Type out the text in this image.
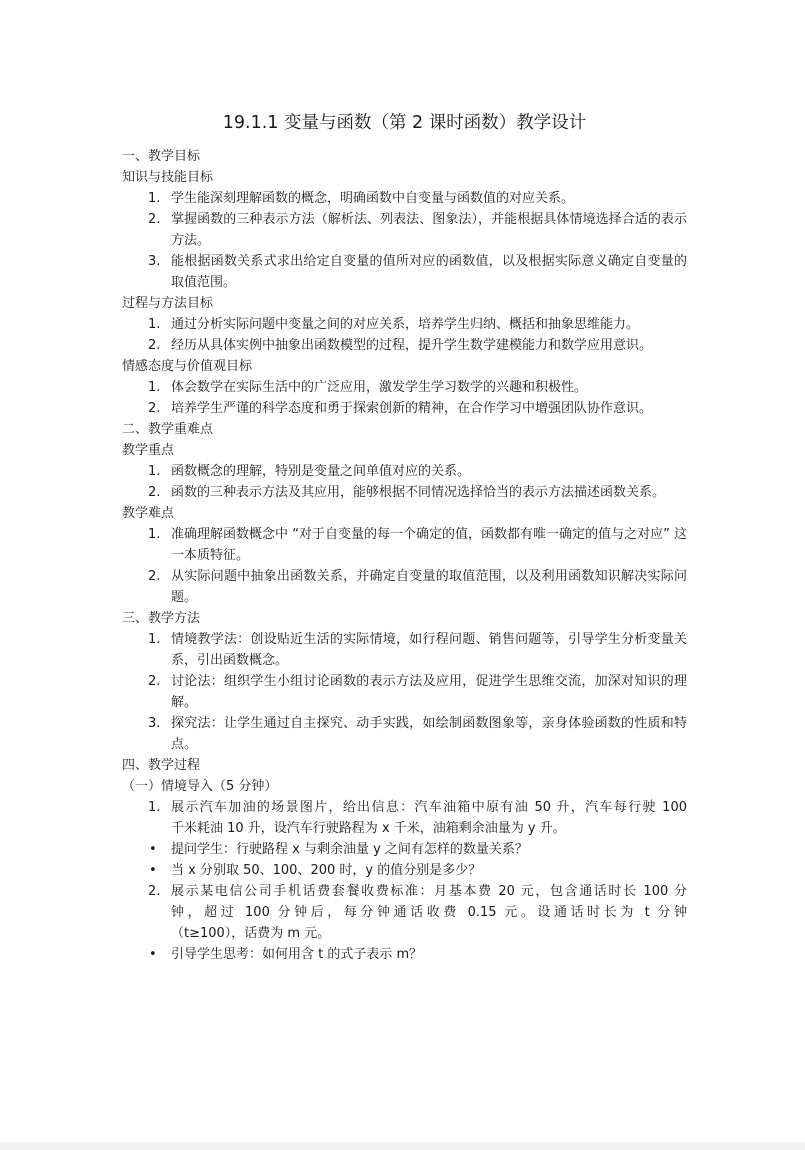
19.1.1 变量与函数（第 2 课时函数）教学设计
一、教学目标
知识与技能目标
1. 学生能深刻理解函数的概念，明确函数中自变量与函数值的对应关系。
2. 掌握函数的三种表示方法（解析法、列表法、图象法），并能根据具体情境选择合适的表示方法。
3. 能根据函数关系式求出给定自变量的值所对应的函数值，以及根据实际意义确定自变量的取值范围。
过程与方法目标
1. 通过分析实际问题中变量之间的对应关系，培养学生归纳、概括和抽象思维能力。
2. 经历从具体实例中抽象出函数模型的过程，提升学生数学建模能力和数学应用意识。
情感态度与价值观目标
1. 体会数学在实际生活中的广泛应用，激发学生学习数学的兴趣和积极性。
2. 培养学生严谨的科学态度和勇于探索创新的精神，在合作学习中增强团队协作意识。
二、教学重难点
教学重点
1. 函数概念的理解，特别是变量之间单值对应的关系。
2. 函数的三种表示方法及其应用，能够根据不同情况选择恰当的表示方法描述函数关系。
教学难点
1. 准确理解函数概念中 “对于自变量的每一个确定的值，函数都有唯一确定的值与之对应” 这一本质特征。
2. 从实际问题中抽象出函数关系，并确定自变量的取值范围，以及利用函数知识解决实际问题。
三、教学方法
1. 情境教学法：创设贴近生活的实际情境，如行程问题、销售问题等，引导学生分析变量关系，引出函数概念。
2. 讨论法：组织学生小组讨论函数的表示方法及应用，促进学生思维交流，加深对知识的理解。
3. 探究法：让学生通过自主探究、动手实践，如绘制函数图象等，亲身体验函数的性质和特点。
四、教学过程
（一）情境导入（5 分钟）
1. 展示汽车加油的场景图片，给出信息：汽车油箱中原有油 50 升，汽车每行驶 100
千米耗油 10 升，设汽车行驶路程为 x 千米，油箱剩余油量为 y 升。
• 提问学生：行驶路程 x 与剩余油量 y 之间有怎样的数量关系？
• 当 x 分别取 50、100、200 时，y 的值分别是多少？
2. 展示某电信公司手机话费套餐收费标准：月基本费 20 元，包含通话时长 100 分
钟，超过 100 分钟后，每分钟通话收费 0.15 元。设通话时长为 t 分钟
（t≥100），话费为 m 元。
• 引导学生思考：如何用含 t 的式子表示 m？
